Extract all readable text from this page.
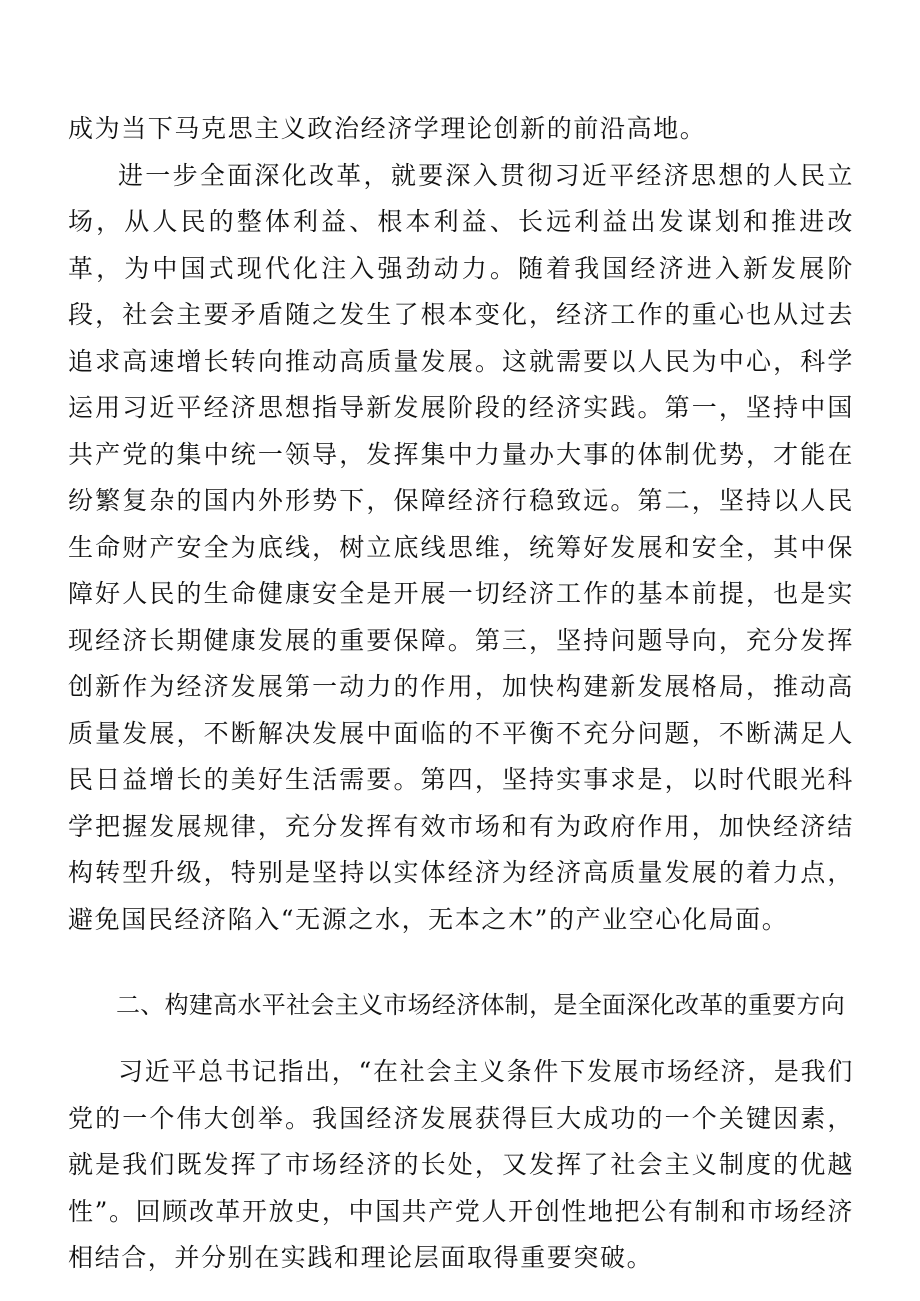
成为当下马克思主义政治经济学理论创新的前沿高地。

进一步全面深化改革，就要深入贯彻习近平经济思想的人民立场，从人民的整体利益、根本利益、长远利益出发谋划和推进改革，为中国式现代化注入强劲动力。随着我国经济进入新发展阶段，社会主要矛盾随之发生了根本变化，经济工作的重心也从过去追求高速增长转向推动高质量发展。这就需要以人民为中心，科学运用习近平经济思想指导新发展阶段的经济实践。第一，坚持中国共产党的集中统一领导，发挥集中力量办大事的体制优势，才能在纷繁复杂的国内外形势下，保障经济行稳致远。第二，坚持以人民生命财产安全为底线，树立底线思维，统筹好发展和安全，其中保障好人民的生命健康安全是开展一切经济工作的基本前提，也是实现经济长期健康发展的重要保障。第三，坚持问题导向，充分发挥创新作为经济发展第一动力的作用，加快构建新发展格局，推动高质量发展，不断解决发展中面临的不平衡不充分问题，不断满足人民日益增长的美好生活需要。第四，坚持实事求是，以时代眼光科学把握发展规律，充分发挥有效市场和有为政府作用，加快经济结构转型升级，特别是坚持以实体经济为经济高质量发展的着力点，避免国民经济陷入“无源之水，无本之木”的产业空心化局面。

二、构建高水平社会主义市场经济体制，是全面深化改革的重要方向

习近平总书记指出，“在社会主义条件下发展市场经济，是我们党的一个伟大创举。我国经济发展获得巨大成功的一个关键因素，就是我们既发挥了市场经济的长处，又发挥了社会主义制度的优越性”。回顾改革开放史，中国共产党人开创性地把公有制和市场经济相结合，并分别在实践和理论层面取得重要突破。
